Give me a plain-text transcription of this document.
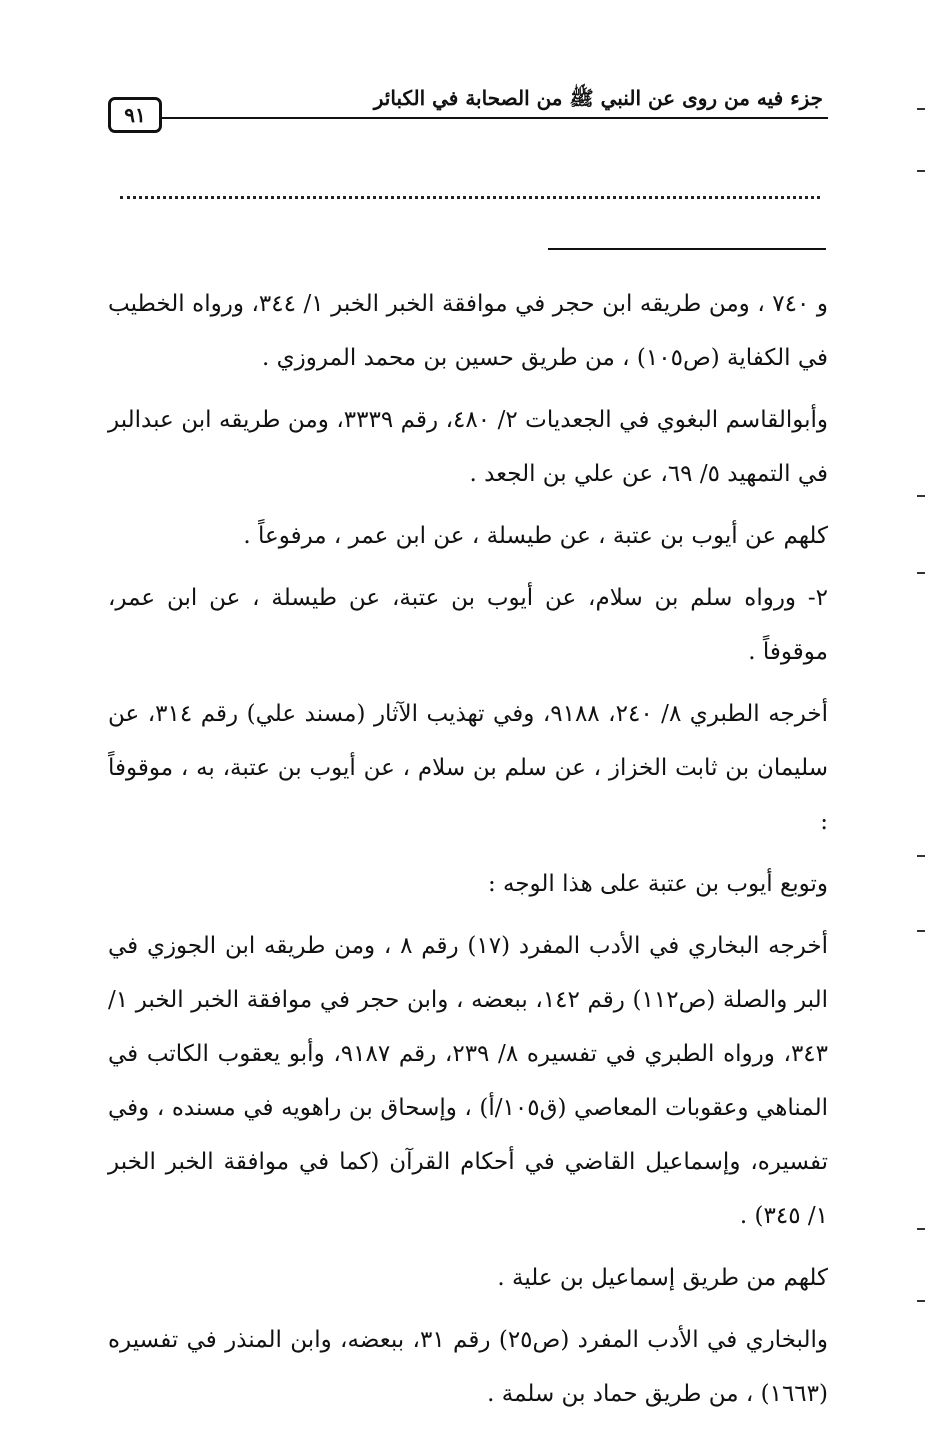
جزء فيه من روى عن النبي ﷺ من الصحابة في الكبائر
٩١

و ٧٤٠ ، ومن طريقه ابن حجر في موافقة الخبر الخبر ١/ ٣٤٤، ورواه الخطيب في الكفاية (ص١٠٥) ، من طريق حسين بن محمد المروزي .

وأبوالقاسم البغوي في الجعديات ٢/ ٤٨٠، رقم ٣٣٣٩، ومن طريقه ابن عبدالبر في التمهيد ٥/ ٦٩، عن علي بن الجعد .

كلهم عن أيوب بن عتبة ، عن طيسلة ، عن ابن عمر ، مرفوعاً .

٢- ورواه سلم بن سلام، عن أيوب بن عتبة، عن طيسلة ، عن ابن عمر، موقوفاً .

أخرجه الطبري ٨/ ٢٤٠، ٩١٨٨، وفي تهذيب الآثار (مسند علي) رقم ٣١٤، عن سليمان بن ثابت الخزاز ، عن سلم بن سلام ، عن أيوب بن عتبة، به ، موقوفاً :

وتوبع أيوب بن عتبة على هذا الوجه :

أخرجه البخاري في الأدب المفرد (١٧) رقم ٨ ، ومن طريقه ابن الجوزي في البر والصلة (ص١١٢) رقم ١٤٢، ببعضه ، وابن حجر في موافقة الخبر الخبر ١/ ٣٤٣، ورواه الطبري في تفسيره ٨/ ٢٣٩، رقم ٩١٨٧، وأبو يعقوب الكاتب في المناهي وعقوبات المعاصي (ق١٠٥/أ) ، وإسحاق بن راهويه في مسنده ، وفي تفسيره، وإسماعيل القاضي في أحكام القرآن (كما في موافقة الخبر الخبر ١/ ٣٤٥) .

كلهم من طريق إسماعيل بن علية .

والبخاري في الأدب المفرد (ص٢٥) رقم ٣١، ببعضه، وابن المنذر في تفسيره (١٦٦٣) ، من طريق حماد بن سلمة .
